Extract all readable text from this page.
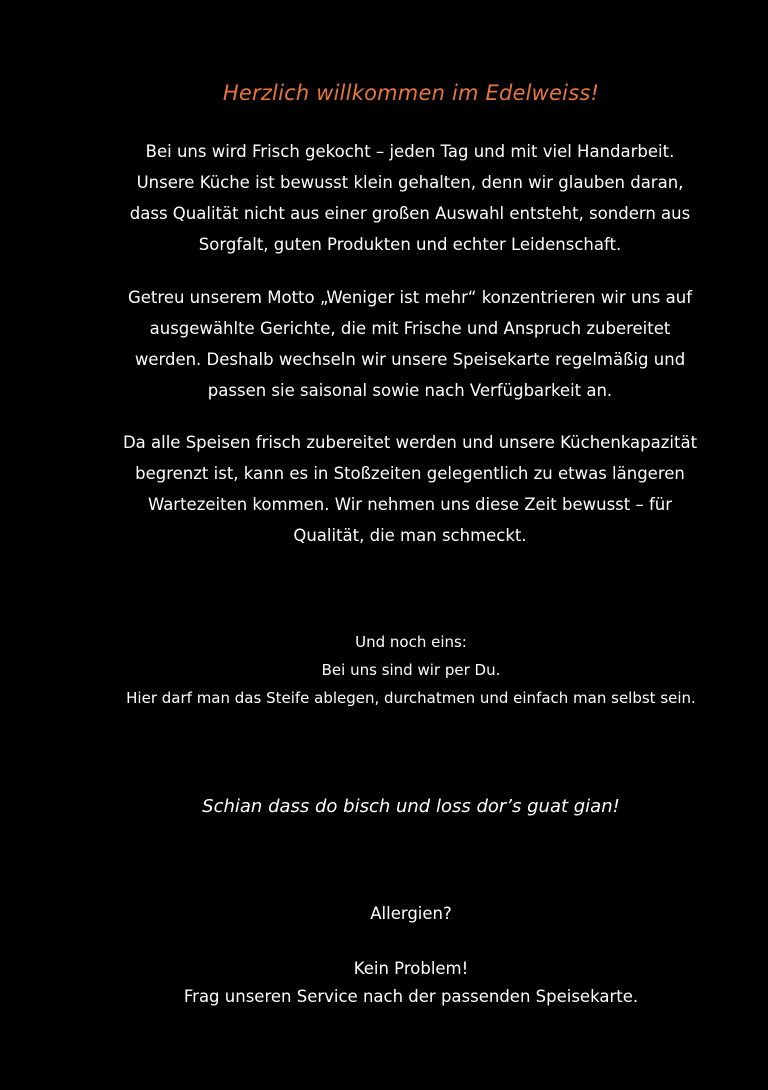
Herzlich willkommen im Edelweiss!
Bei uns wird Frisch gekocht – jeden Tag und mit viel Handarbeit.
Unsere Küche ist bewusst klein gehalten, denn wir glauben daran,
dass Qualität nicht aus einer großen Auswahl entsteht, sondern aus
Sorgfalt, guten Produkten und echter Leidenschaft.
Getreu unserem Motto „Weniger ist mehr“ konzentrieren wir uns auf
ausgewählte Gerichte, die mit Frische und Anspruch zubereitet
werden. Deshalb wechseln wir unsere Speisekarte regelmäßig und
passen sie saisonal sowie nach Verfügbarkeit an.
Da alle Speisen frisch zubereitet werden und unsere Küchenkapazität
begrenzt ist, kann es in Stoßzeiten gelegentlich zu etwas längeren
Wartezeiten kommen. Wir nehmen uns diese Zeit bewusst – für
Qualität, die man schmeckt.
Und noch eins:
Bei uns sind wir per Du.
Hier darf man das Steife ablegen, durchatmen und einfach man selbst sein.
Schian dass do bisch und loss dor’s guat gian!
Allergien?
Kein Problem!
Frag unseren Service nach der passenden Speisekarte.
